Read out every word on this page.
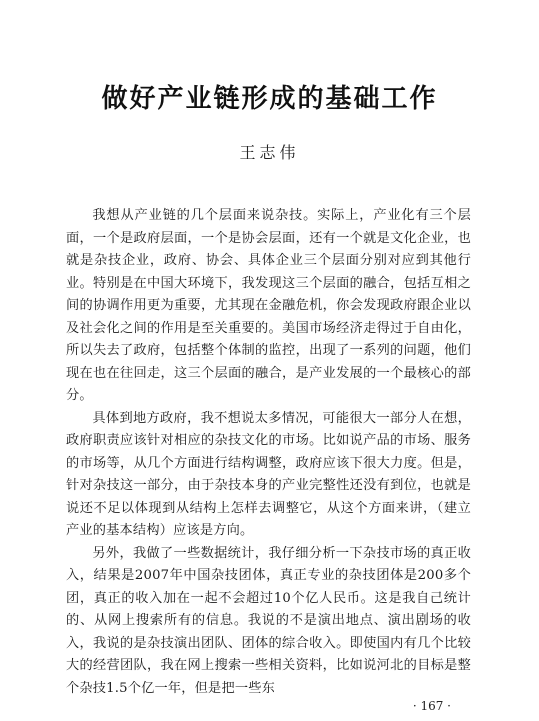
做好产业链形成的基础工作
王志伟

我想从产业链的几个层面来说杂技。实际上，产业化有三个层面，一个是政府层面，一个是协会层面，还有一个就是文化企业，也就是杂技企业，政府、协会、具体企业三个层面分别对应到其他行业。特别是在中国大环境下，我发现这三个层面的融合，包括互相之间的协调作用更为重要，尤其现在金融危机，你会发现政府跟企业以及社会化之间的作用是至关重要的。美国市场经济走得过于自由化，所以失去了政府，包括整个体制的监控，出现了一系列的问题，他们现在也在往回走，这三个层面的融合，是产业发展的一个最核心的部分。

具体到地方政府，我不想说太多情况，可能很大一部分人在想，政府职责应该针对相应的杂技文化的市场。比如说产品的市场、服务的市场等，从几个方面进行结构调整，政府应该下很大力度。但是，针对杂技这一部分，由于杂技本身的产业完整性还没有到位，也就是说还不足以体现到从结构上怎样去调整它，从这个方面来讲，（建立产业的基本结构）应该是方向。

另外，我做了一些数据统计，我仔细分析一下杂技市场的真正收入，结果是2007年中国杂技团体，真正专业的杂技团体是200多个团，真正的收入加在一起不会超过10个亿人民币。这是我自己统计的、从网上搜索所有的信息。我说的不是演出地点、演出剧场的收入，我说的是杂技演出团队、团体的综合收入。即使国内有几个比较大的经营团队，我在网上搜索一些相关资料，比如说河北的目标是整个杂技1.5个亿一年，但是把一些东

· 167 ·
